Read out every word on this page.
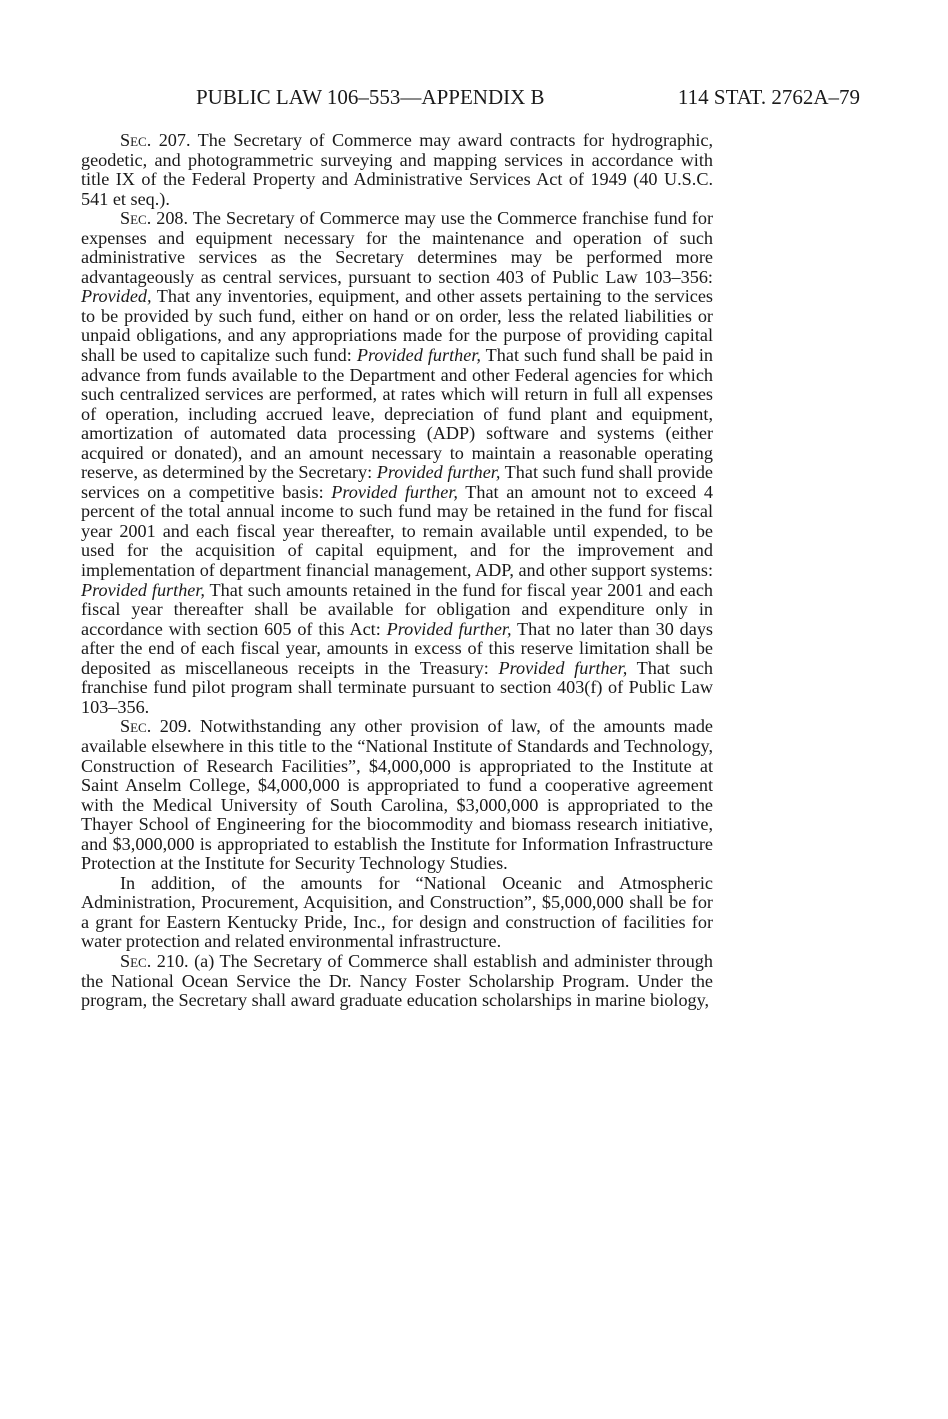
PUBLIC LAW 106–553—APPENDIX B	114 STAT. 2762A–79

Sec. 207. The Secretary of Commerce may award contracts for hydrographic, geodetic, and photogrammetric surveying and mapping services in accordance with title IX of the Federal Property and Administrative Services Act of 1949 (40 U.S.C. 541 et seq.).

Sec. 208. The Secretary of Commerce may use the Commerce franchise fund for expenses and equipment necessary for the maintenance and operation of such administrative services as the Secretary determines may be performed more advantageously as central services, pursuant to section 403 of Public Law 103–356: Provided, That any inventories, equipment, and other assets pertaining to the services to be provided by such fund, either on hand or on order, less the related liabilities or unpaid obligations, and any appropriations made for the purpose of providing capital shall be used to capitalize such fund: Provided further, That such fund shall be paid in advance from funds available to the Department and other Federal agencies for which such centralized services are performed, at rates which will return in full all expenses of operation, including accrued leave, depreciation of fund plant and equipment, amortization of automated data processing (ADP) software and systems (either acquired or donated), and an amount necessary to maintain a reasonable operating reserve, as determined by the Secretary: Provided further, That such fund shall provide services on a competitive basis: Provided further, That an amount not to exceed 4 percent of the total annual income to such fund may be retained in the fund for fiscal year 2001 and each fiscal year thereafter, to remain available until expended, to be used for the acquisition of capital equipment, and for the improvement and implementation of department financial management, ADP, and other support systems: Provided further, That such amounts retained in the fund for fiscal year 2001 and each fiscal year thereafter shall be available for obligation and expenditure only in accordance with section 605 of this Act: Provided further, That no later than 30 days after the end of each fiscal year, amounts in excess of this reserve limitation shall be deposited as miscellaneous receipts in the Treasury: Provided further, That such franchise fund pilot program shall terminate pursuant to section 403(f) of Public Law 103–356.

Sec. 209. Notwithstanding any other provision of law, of the amounts made available elsewhere in this title to the “National Institute of Standards and Technology, Construction of Research Facilities”, $4,000,000 is appropriated to the Institute at Saint Anselm College, $4,000,000 is appropriated to fund a cooperative agreement with the Medical University of South Carolina, $3,000,000 is appropriated to the Thayer School of Engineering for the biocommodity and biomass research initiative, and $3,000,000 is appropriated to establish the Institute for Information Infrastructure Protection at the Institute for Security Technology Studies.

In addition, of the amounts for “National Oceanic and Atmospheric Administration, Procurement, Acquisition, and Construction”, $5,000,000 shall be for a grant for Eastern Kentucky Pride, Inc., for design and construction of facilities for water protection and related environmental infrastructure.

Sec. 210. (a) The Secretary of Commerce shall establish and administer through the National Ocean Service the Dr. Nancy Foster Scholarship Program. Under the program, the Secretary shall award graduate education scholarships in marine biology,
